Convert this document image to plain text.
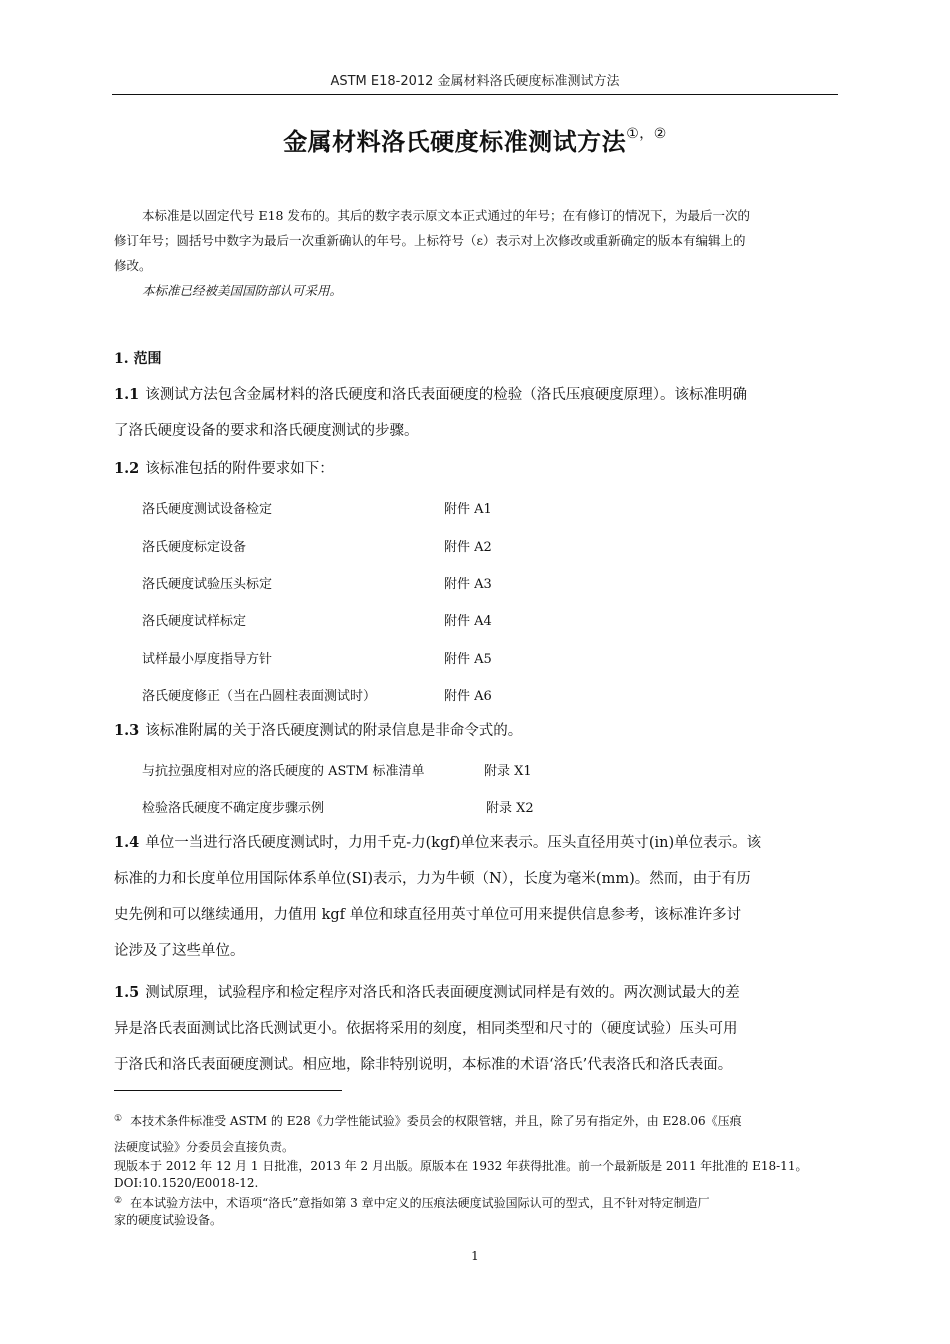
ASTM E18-2012 金属材料洛氏硬度标准测试方法
金属材料洛氏硬度标准测试方法①，②

本标准是以固定代号 E18 发布的。其后的数字表示原文本正式通过的年号；在有修订的情况下，为最后一次的
修订年号；圆括号中数字为最后一次重新确认的年号。上标符号（ε）表示对上次修改或重新确定的版本有编辑上的
修改。

本标准已经被美国国防部认可采用。

1. 范围
1.1 该测试方法包含金属材料的洛氏硬度和洛氏表面硬度的检验（洛氏压痕硬度原理）。该标准明确
了洛氏硬度设备的要求和洛氏硬度测试的步骤。
1.2 该标准包括的附件要求如下：
洛氏硬度测试设备检定	附件 A1
洛氏硬度标定设备	附件 A2
洛氏硬度试验压头标定	附件 A3
洛氏硬度试样标定	附件 A4
试样最小厚度指导方针	附件 A5
洛氏硬度修正（当在凸圆柱表面测试时）	附件 A6
1.3 该标准附属的关于洛氏硬度测试的附录信息是非命令式的。
与抗拉强度相对应的洛氏硬度的 ASTM 标准清单	附录 X1
检验洛氏硬度不确定度步骤示例	附录 X2
1.4 单位一当进行洛氏硬度测试时，力用千克-力(kgf)单位来表示。压头直径用英寸(in)单位表示。该
标准的力和长度单位用国际体系单位(SI)表示，力为牛顿（N），长度为毫米(mm)。然而，由于有历
史先例和可以继续通用，力值用 kgf 单位和球直径用英寸单位可用来提供信息参考，该标准许多讨
论涉及了这些单位。
1.5 测试原理，试验程序和检定程序对洛氏和洛氏表面硬度测试同样是有效的。两次测试最大的差
异是洛氏表面测试比洛氏测试更小。依据将采用的刻度，相同类型和尺寸的（硬度试验）压头可用
于洛氏和洛氏表面硬度测试。相应地，除非特别说明，本标准的术语‘洛氏’代表洛氏和洛氏表面。
① 本技术条件标准受 ASTM 的 E28《力学性能试验》委员会的权限管辖，并且，除了另有指定外，由 E28.06《压痕
法硬度试验》分委员会直接负责。
现版本于 2012 年 12 月 1 日批准，2013 年 2 月出版。原版本在 1932 年获得批准。前一个最新版是 2011 年批准的 E18-11。
DOI:10.1520/E0018-12.
② 在本试验方法中，术语项“洛氏”意指如第 3 章中定义的压痕法硬度试验国际认可的型式，且不针对特定制造厂
家的硬度试验设备。
1
